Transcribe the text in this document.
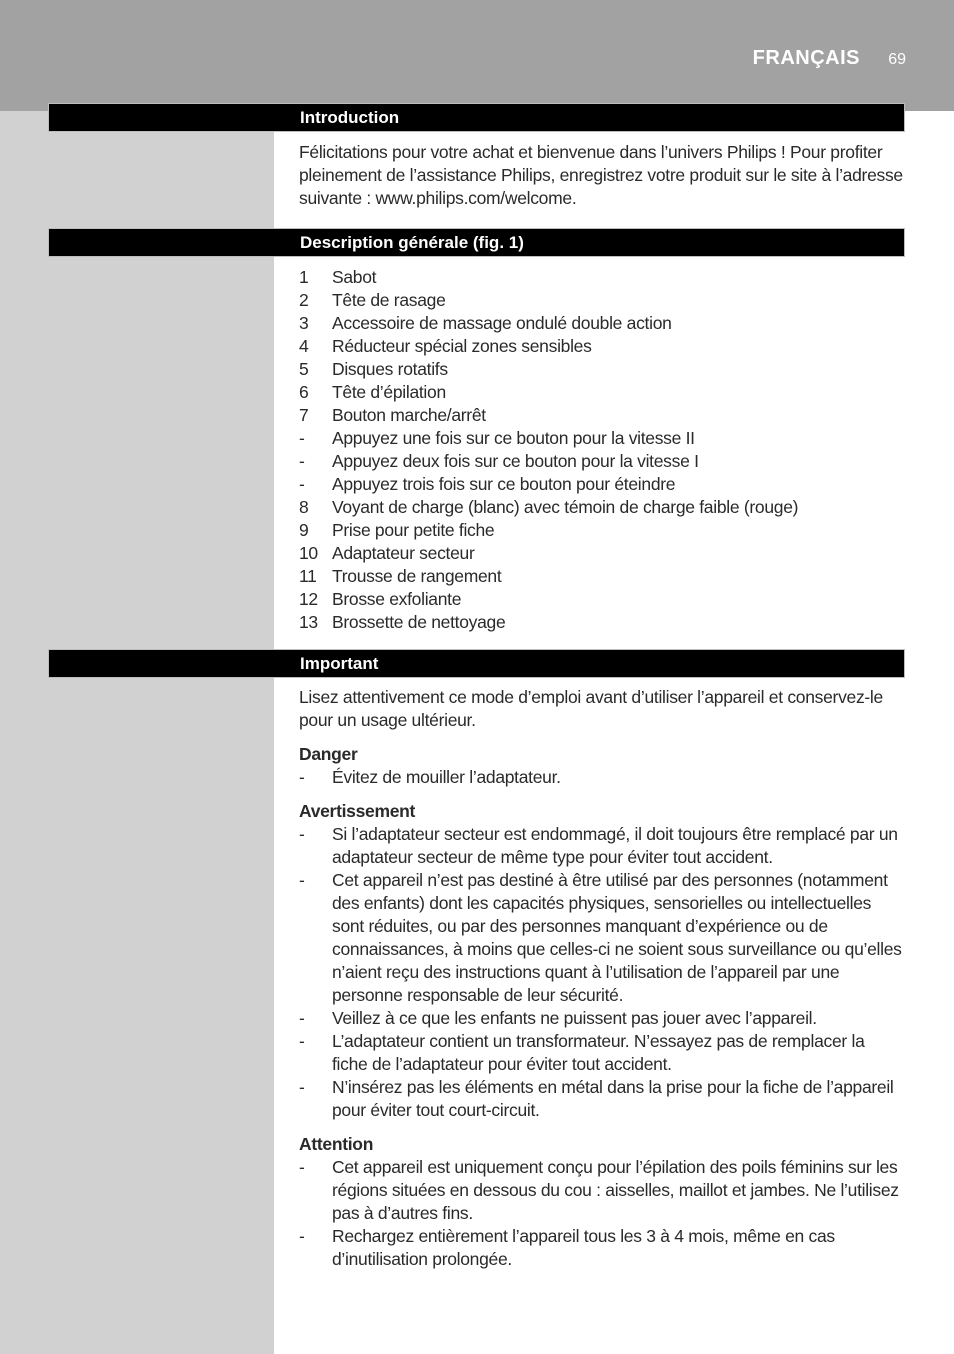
FRANÇAIS 69
Introduction

Félicitations pour votre achat et bienvenue dans l’univers Philips ! Pour profiter pleinement de l’assistance Philips, enregistrez votre produit sur le site à l’adresse suivante : www.philips.com/welcome.

Description générale (fig. 1)
1	Sabot
2	Tête de rasage
3	Accessoire de massage ondulé double action
4	Réducteur spécial zones sensibles
5	Disques rotatifs
6	Tête d’épilation
7	Bouton marche/arrêt
-	Appuyez une fois sur ce bouton pour la vitesse II
-	Appuyez deux fois sur ce bouton pour la vitesse I
-	Appuyez trois fois sur ce bouton pour éteindre
8	Voyant de charge (blanc) avec témoin de charge faible (rouge)
9	Prise pour petite fiche
10 Adaptateur secteur
11 Trousse de rangement
12 Brosse exfoliante
13 Brossette de nettoyage
Important

Lisez attentivement ce mode d’emploi avant d’utiliser l’appareil et conservez-le pour un usage ultérieur.

Danger

-	Évitez de mouiller l’adaptateur.

Avertissement

-	Si l’adaptateur secteur est endommagé, il doit toujours être remplacé par un adaptateur secteur de même type pour éviter tout accident.
-	Cet appareil n’est pas destiné à être utilisé par des personnes (notamment des enfants) dont les capacités physiques, sensorielles ou intellectuelles sont réduites, ou par des personnes manquant d’expérience ou de connaissances, à moins que celles-ci ne soient sous surveillance ou qu’elles n’aient reçu des instructions quant à l’utilisation de l’appareil par une personne responsable de leur sécurité.
-	Veillez à ce que les enfants ne puissent pas jouer avec l’appareil.
-	L’adaptateur contient un transformateur. N’essayez pas de remplacer la fiche de l’adaptateur pour éviter tout accident.
-	N’insérez pas les éléments en métal dans la prise pour la fiche de l’appareil pour éviter tout court-circuit.

Attention

-	Cet appareil est uniquement conçu pour l’épilation des poils féminins sur les régions situées en dessous du cou : aisselles, maillot et jambes. Ne l’utilisez pas à d’autres fins.
-	Rechargez entièrement l’appareil tous les 3 à 4 mois, même en cas d’inutilisation prolongée.
